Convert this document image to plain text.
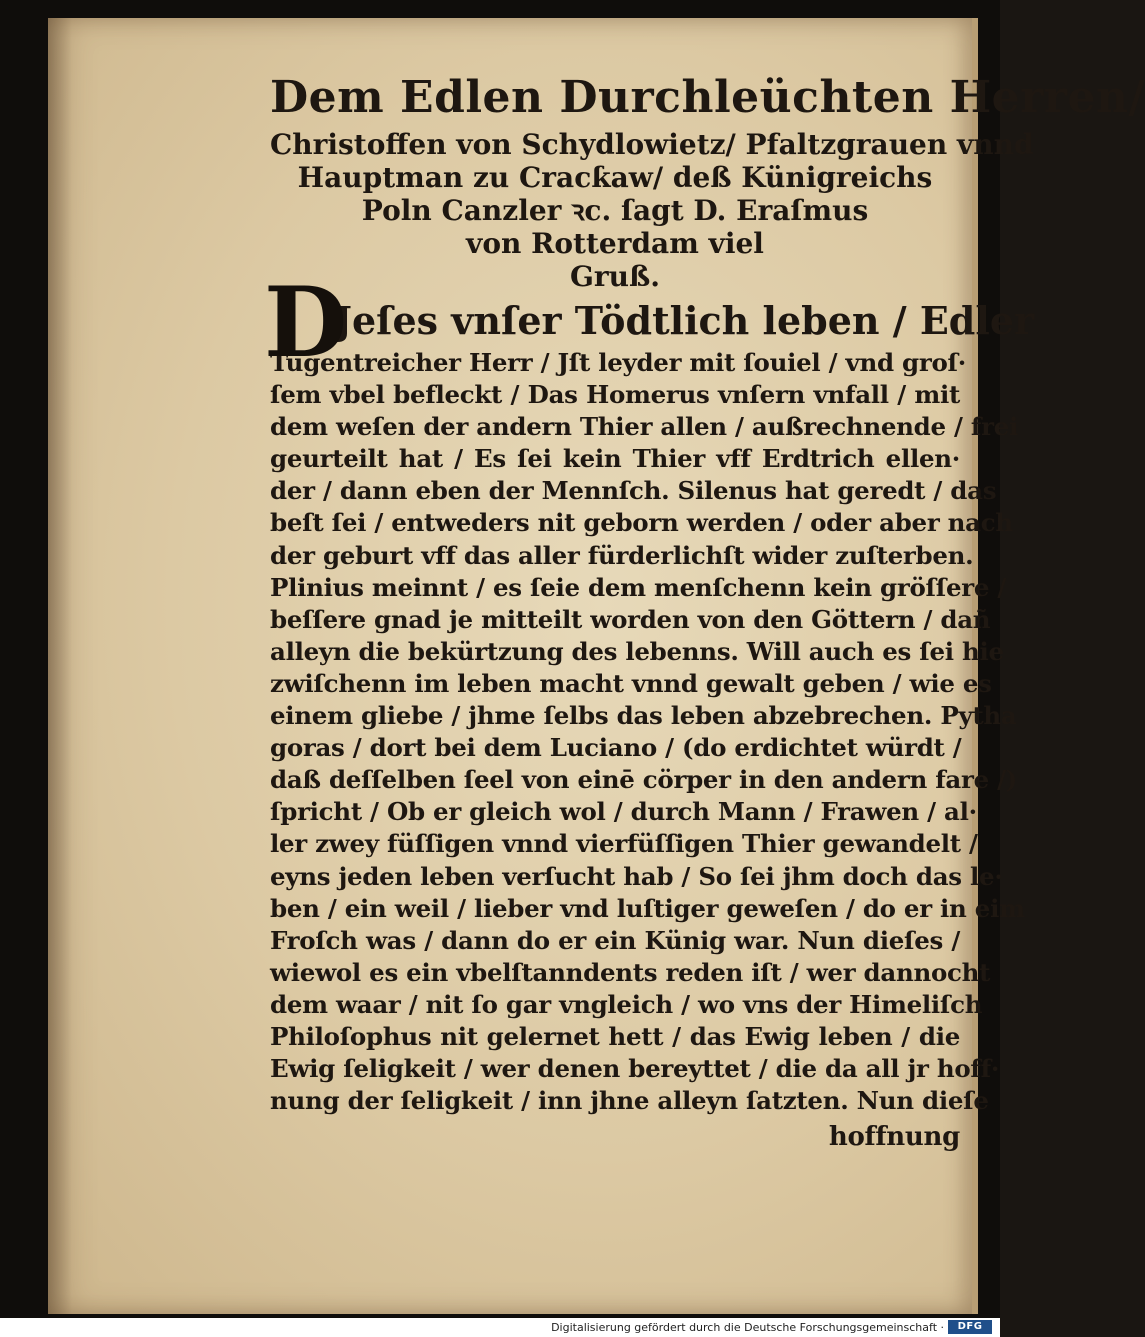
Dem Edlen Durchleüchten Herren/
Christoffen von Schydlowietz/ Pfaltzgrauen vnnd
Hauptman zu Cracƙaw/ deß Künigreichs
Poln Canzler ꝛc. ſagt D. Eraſmus
von Rotterdam viel
Gruß.
D
Jeſes vnſer Tödtlich leben / Edler
Tugentreicher Herr / Jſt leyder mit ſouiel / vnd groſ·
ſem vbel befleckt / Das Homerus vnſern vnfall / mit
dem weſen der andern Thier allen / außrechnende / frei
geurteilt hat / Es ſei kein Thier vff Erdtrich ellen·
der / dann eben der Mennſch. Silenus hat geredt / das
beſt ſei / entweders nit geborn werden / oder aber nach
der geburt vff das aller fürderlichſt wider zuſterben.
Plinius meinnt / es ſeie dem menſchenn kein gröſſere /
beſſere gnad je mitteilt worden von den Göttern / dañ
alleyn die bekürtzung des lebenns. Will auch es ſei hie
zwiſchenn im leben macht vnnd gewalt geben / wie es
einem gliebe / jhme ſelbs das leben abzebrechen. Pytha
goras / dort bei dem Luciano / (do erdichtet würdt /
daß deſſelben ſeel von einē cörper in den andern fare /)
ſpricht / Ob er gleich wol / durch Mann / Frawen / al·
ler zwey füſſigen vnnd vierfüſſigen Thier gewandelt /
eyns jeden leben verſucht hab / So ſei jhm doch das le·
ben / ein weil / lieber vnd luſtiger geweſen / do er in eim
Froſch was / dann do er ein Künig war. Nun dieſes /
wiewol es ein vbelſtanndents reden iſt / wer dannocht
dem waar / nit ſo gar vngleich / wo vns der Himeliſch
Philoſophus nit gelernet hett / das Ewig leben / die
Ewig ſeligkeit / wer denen bereyttet / die da all jr hoff·
nung der ſeligkeit / inn jhne alleyn ſatzten. Nun dieſe
hoffnung
Digitalisierung gefördert durch die Deutsche Forschungsgemeinschaft ·	DFG
